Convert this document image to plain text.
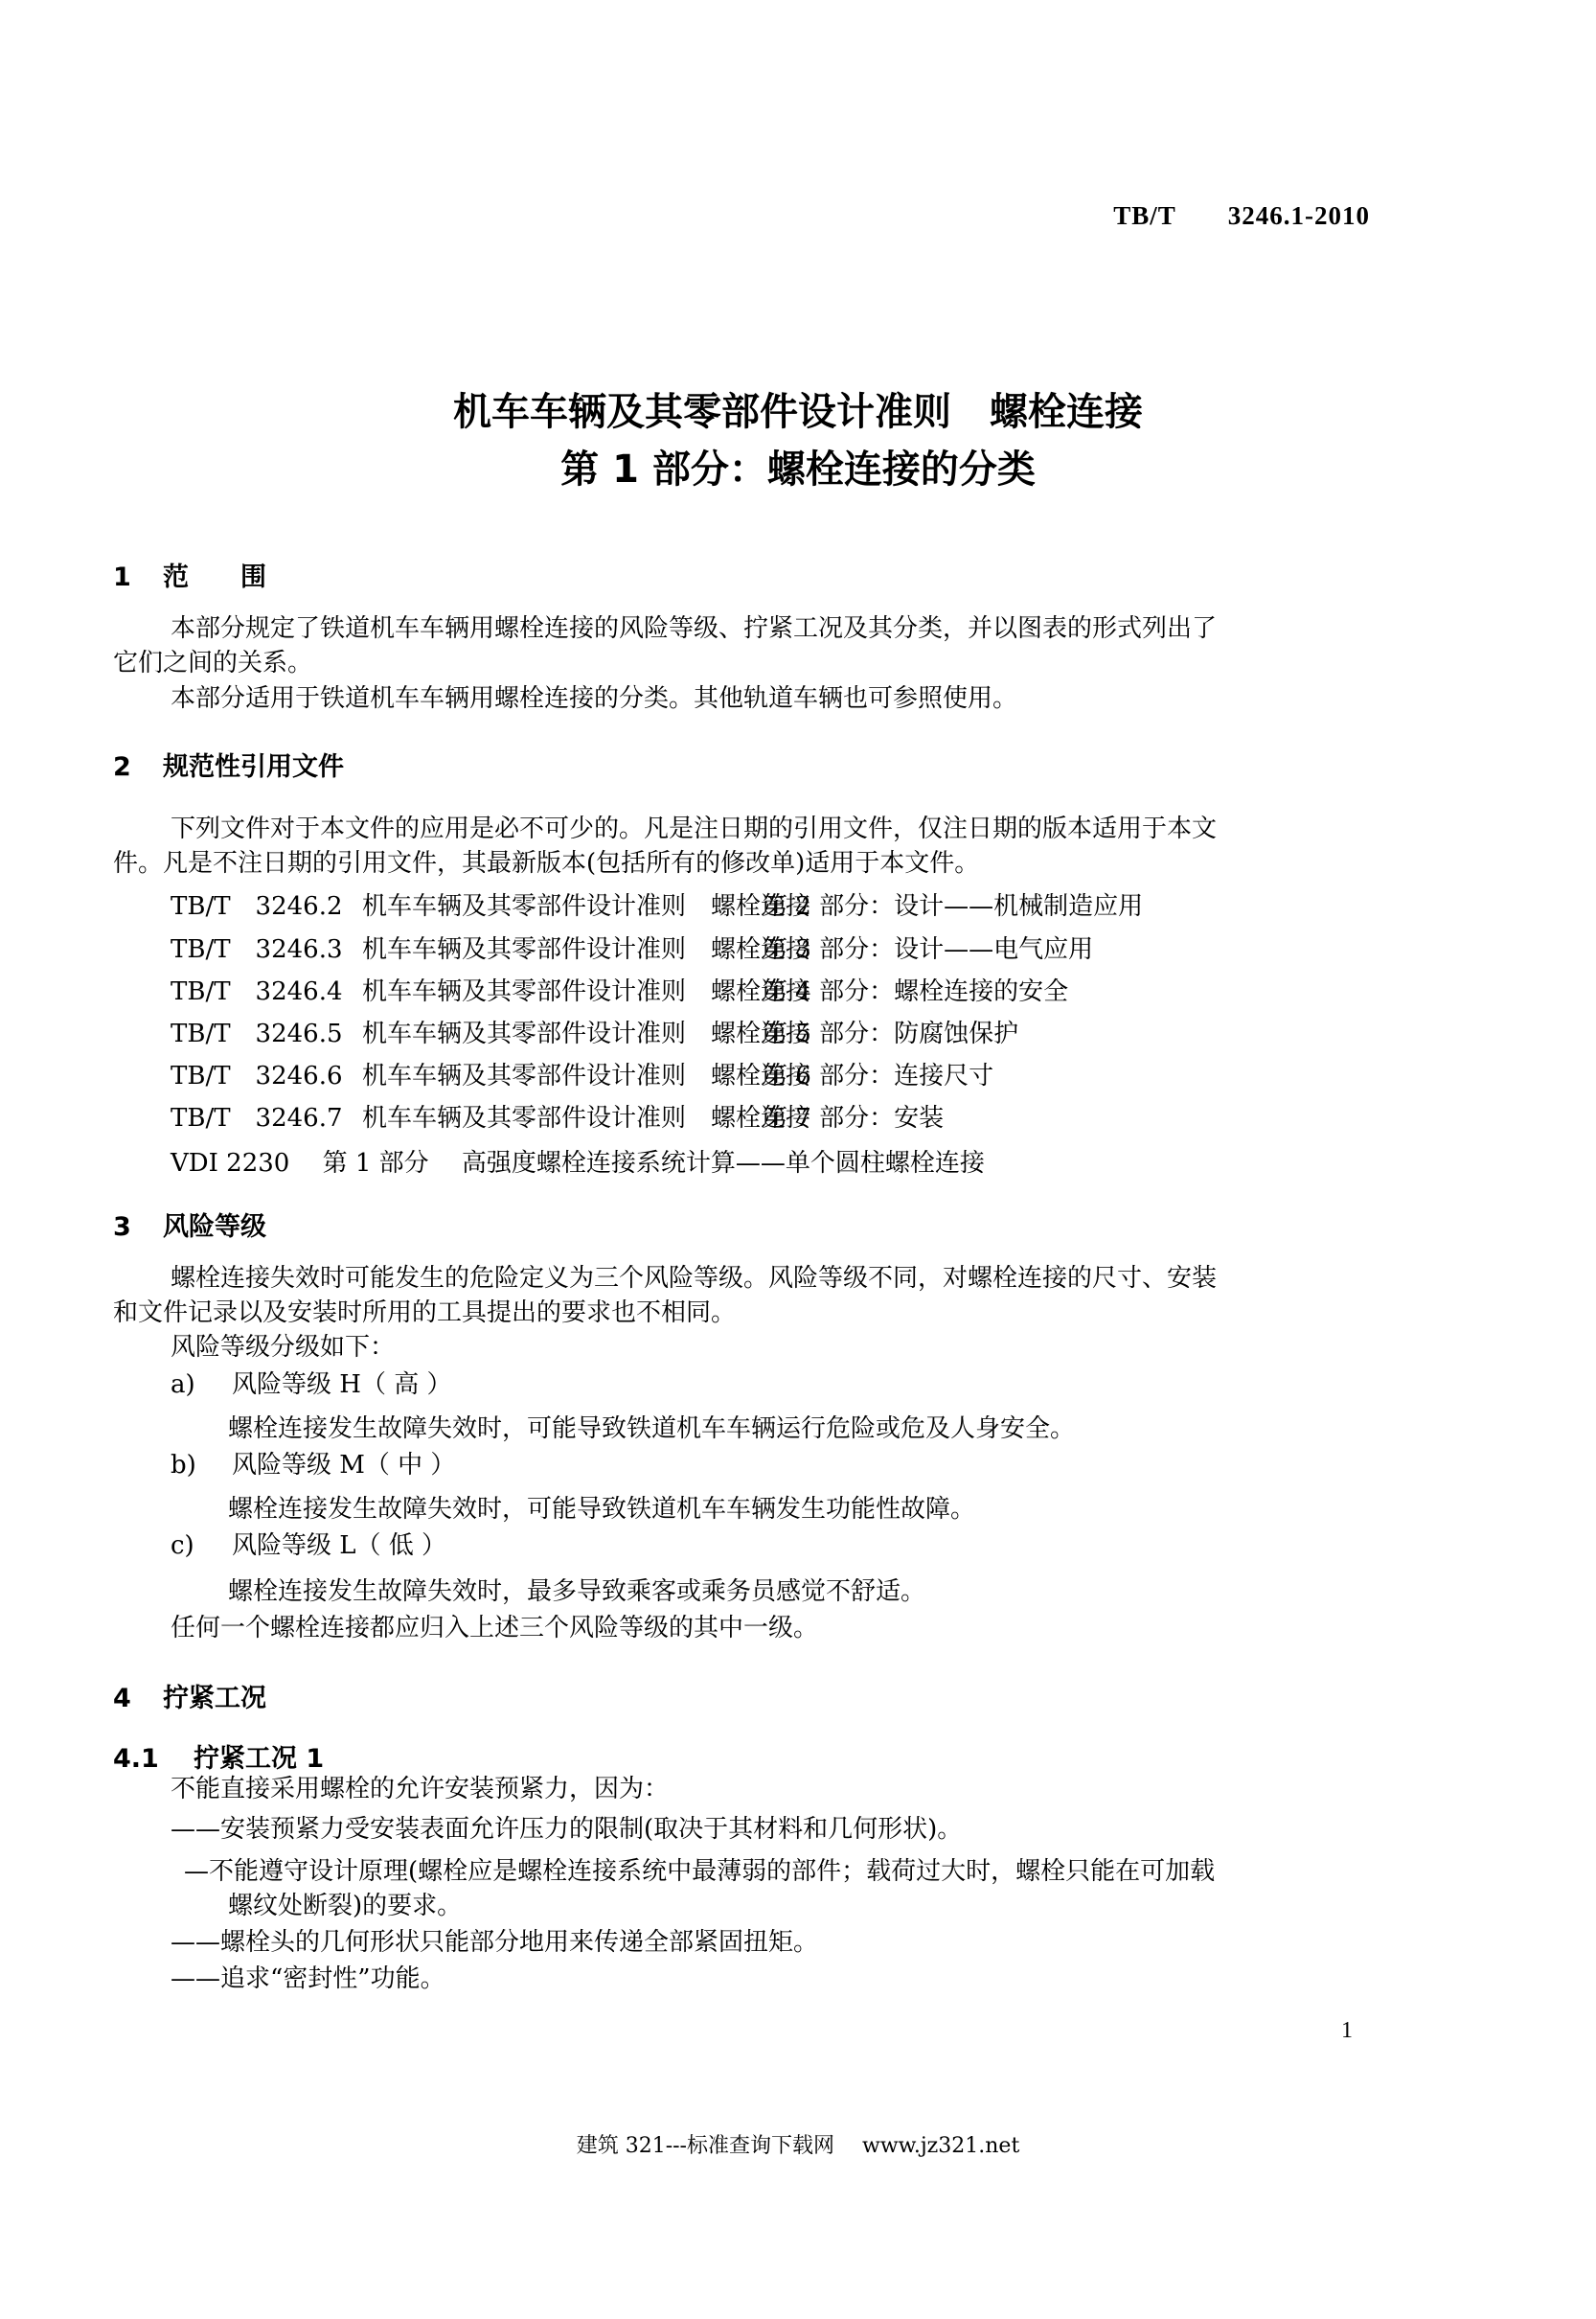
TB/T 3246.1-2010
机车车辆及其零部件设计准则　螺栓连接
第 1 部分：螺栓连接的分类
1 范　　围
本部分规定了铁道机车车辆用螺栓连接的风险等级、拧紧工况及其分类，并以图表的形式列出了
它们之间的关系。
本部分适用于铁道机车车辆用螺栓连接的分类。其他轨道车辆也可参照使用。
2 规范性引用文件
下列文件对于本文件的应用是必不可少的。凡是注日期的引用文件，仅注日期的版本适用于本文
件。凡是不注日期的引用文件，其最新版本(包括所有的修改单)适用于本文件。
TB/T　3246.2 机车车辆及其零部件设计准则　螺栓连接第 2 部分：设计——机械制造应用
TB/T　3246.3 机车车辆及其零部件设计准则　螺栓连接第 3 部分：设计——电气应用
TB/T　3246.4 机车车辆及其零部件设计准则　螺栓连接第 4 部分：螺栓连接的安全
TB/T　3246.5 机车车辆及其零部件设计准则　螺栓连接第 5 部分：防腐蚀保护
TB/T　3246.6 机车车辆及其零部件设计准则　螺栓连接第 6 部分：连接尺寸
TB/T　3246.7 机车车辆及其零部件设计准则　螺栓连接第 7 部分：安装
VDI 2230　 第 1 部分　 高强度螺栓连接系统计算——单个圆柱螺栓连接
3 风险等级
螺栓连接失效时可能发生的危险定义为三个风险等级。风险等级不同，对螺栓连接的尺寸、安装
和文件记录以及安装时所用的工具提出的要求也不相同。
风险等级分级如下：
a) 风险等级 H（ 高 ）
螺栓连接发生故障失效时，可能导致铁道机车车辆运行危险或危及人身安全。
b) 风险等级 M（ 中 ）
螺栓连接发生故障失效时，可能导致铁道机车车辆发生功能性故障。
c) 风险等级 L（ 低 ）
螺栓连接发生故障失效时，最多导致乘客或乘务员感觉不舒适。
任何一个螺栓连接都应归入上述三个风险等级的其中一级。
4 拧紧工况
4.1 拧紧工况 1
不能直接采用螺栓的允许安装预紧力，因为：
——安装预紧力受安装表面允许压力的限制(取决于其材料和几何形状)。
—不能遵守设计原理(螺栓应是螺栓连接系统中最薄弱的部件；载荷过大时，螺栓只能在可加载
螺纹处断裂)的要求。
——螺栓头的几何形状只能部分地用来传递全部紧固扭矩。
——追求“密封性”功能。
1
建筑 321---标准查询下载网　 www.jz321.net
